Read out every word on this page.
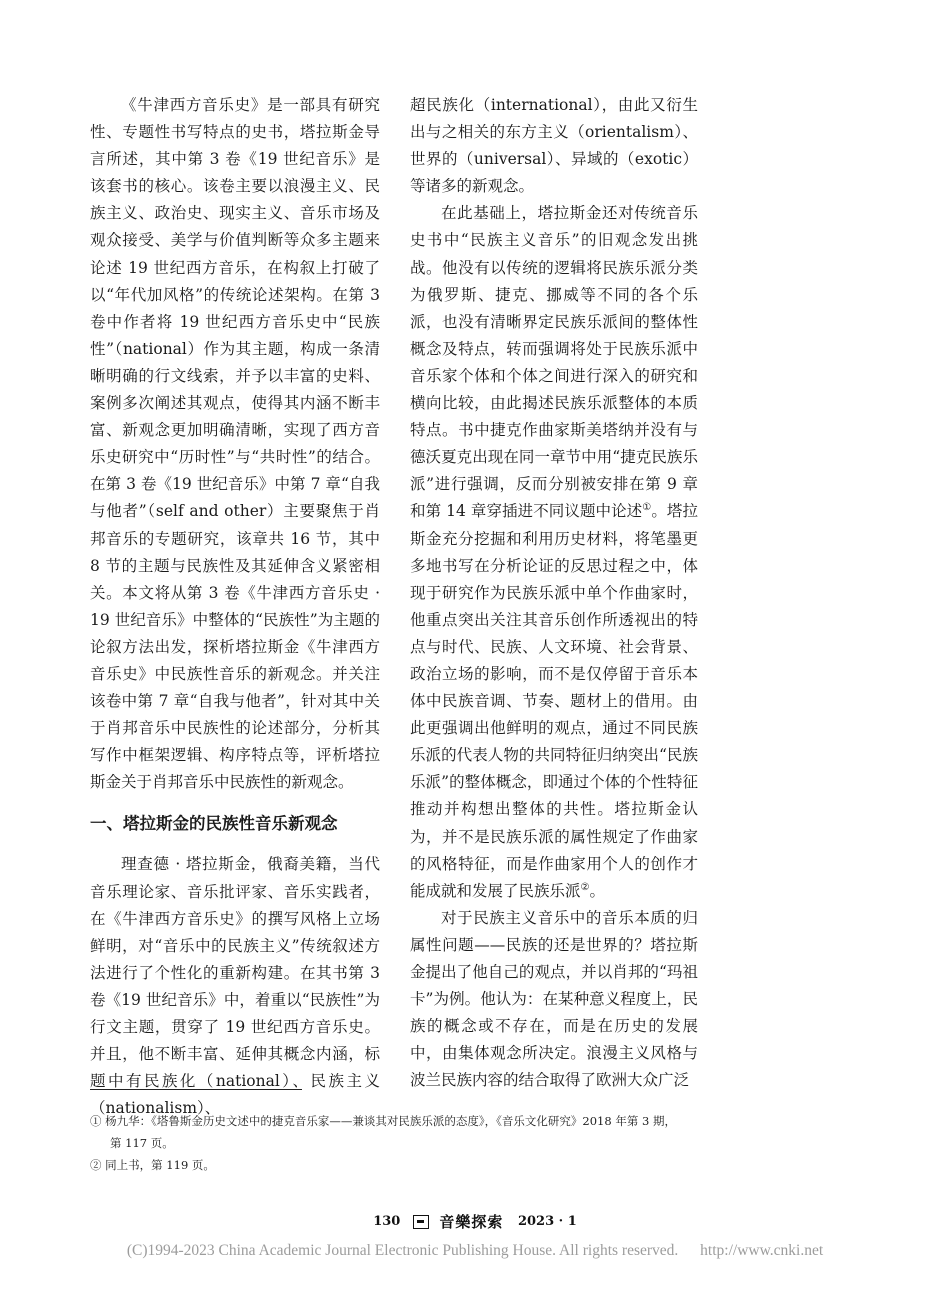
《牛津西方音乐史》是一部具有研究性、专题性书写特点的史书，塔拉斯金导言所述，其中第 3 卷《19 世纪音乐》是该套书的核心。该卷主要以浪漫主义、民族主义、政治史、现实主义、音乐市场及观众接受、美学与价值判断等众多主题来论述 19 世纪西方音乐，在构叙上打破了以“年代加风格”的传统论述架构。在第 3 卷中作者将 19 世纪西方音乐史中“民族性”（national）作为其主题，构成一条清晰明确的行文线索，并予以丰富的史料、案例多次阐述其观点，使得其内涵不断丰富、新观念更加明确清晰，实现了西方音乐史研究中“历时性”与“共时性”的结合。在第 3 卷《19 世纪音乐》中第 7 章“自我与他者”（self and other）主要聚焦于肖邦音乐的专题研究，该章共 16 节，其中 8 节的主题与民族性及其延伸含义紧密相关。本文将从第 3 卷《牛津西方音乐史 · 19 世纪音乐》中整体的“民族性”为主题的论叙方法出发，探析塔拉斯金《牛津西方音乐史》中民族性音乐的新观念。并关注该卷中第 7 章“自我与他者”，针对其中关于肖邦音乐中民族性的论述部分，分析其写作中框架逻辑、构序特点等，评析塔拉斯金关于肖邦音乐中民族性的新观念。

一、塔拉斯金的民族性音乐新观念

理查德 · 塔拉斯金，俄裔美籍，当代音乐理论家、音乐批评家、音乐实践者，在《牛津西方音乐史》的撰写风格上立场鲜明，对“音乐中的民族主义”传统叙述方法进行了个性化的重新构建。在其书第 3 卷《19 世纪音乐》中，着重以“民族性”为行文主题，贯穿了 19 世纪西方音乐史。并且，他不断丰富、延伸其概念内涵，标题中有民族化（national）、民族主义（nationalism）、

超民族化（international），由此又衍生出与之相关的东方主义（orientalism）、世界的（universal）、异域的（exotic）等诸多的新观念。

在此基础上，塔拉斯金还对传统音乐史书中“民族主义音乐”的旧观念发出挑战。他没有以传统的逻辑将民族乐派分类为俄罗斯、捷克、挪威等不同的各个乐派，也没有清晰界定民族乐派间的整体性概念及特点，转而强调将处于民族乐派中音乐家个体和个体之间进行深入的研究和横向比较，由此揭述民族乐派整体的本质特点。书中捷克作曲家斯美塔纳并没有与德沃夏克出现在同一章节中用“捷克民族乐派”进行强调，反而分别被安排在第 9 章和第 14 章穿插进不同议题中论述①。塔拉斯金充分挖掘和利用历史材料，将笔墨更多地书写在分析论证的反思过程之中，体现于研究作为民族乐派中单个作曲家时，他重点突出关注其音乐创作所透视出的特点与时代、民族、人文环境、社会背景、政治立场的影响，而不是仅停留于音乐本体中民族音调、节奏、题材上的借用。由此更强调出他鲜明的观点，通过不同民族乐派的代表人物的共同特征归纳突出“民族乐派”的整体概念，即通过个体的个性特征推动并构想出整体的共性。塔拉斯金认为，并不是民族乐派的属性规定了作曲家的风格特征，而是作曲家用个人的创作才能成就和发展了民族乐派②。

对于民族主义音乐中的音乐本质的归属性问题——民族的还是世界的？塔拉斯金提出了他自己的观点，并以肖邦的“玛祖卡”为例。他认为：在某种意义程度上，民族的概念或不存在，而是在历史的发展中，由集体观念所决定。浪漫主义风格与波兰民族内容的结合取得了欧洲大众广泛

① 杨九华：《塔鲁斯金历史文述中的捷克音乐家——兼谈其对民族乐派的态度》，《音乐文化研究》2018 年第 3 期，

第 117 页。

② 同上书，第 119 页。

130	音樂探索 2023 · 1
(C)1994-2023 China Academic Journal Electronic Publishing House. All rights reserved. http://www.cnki.net
